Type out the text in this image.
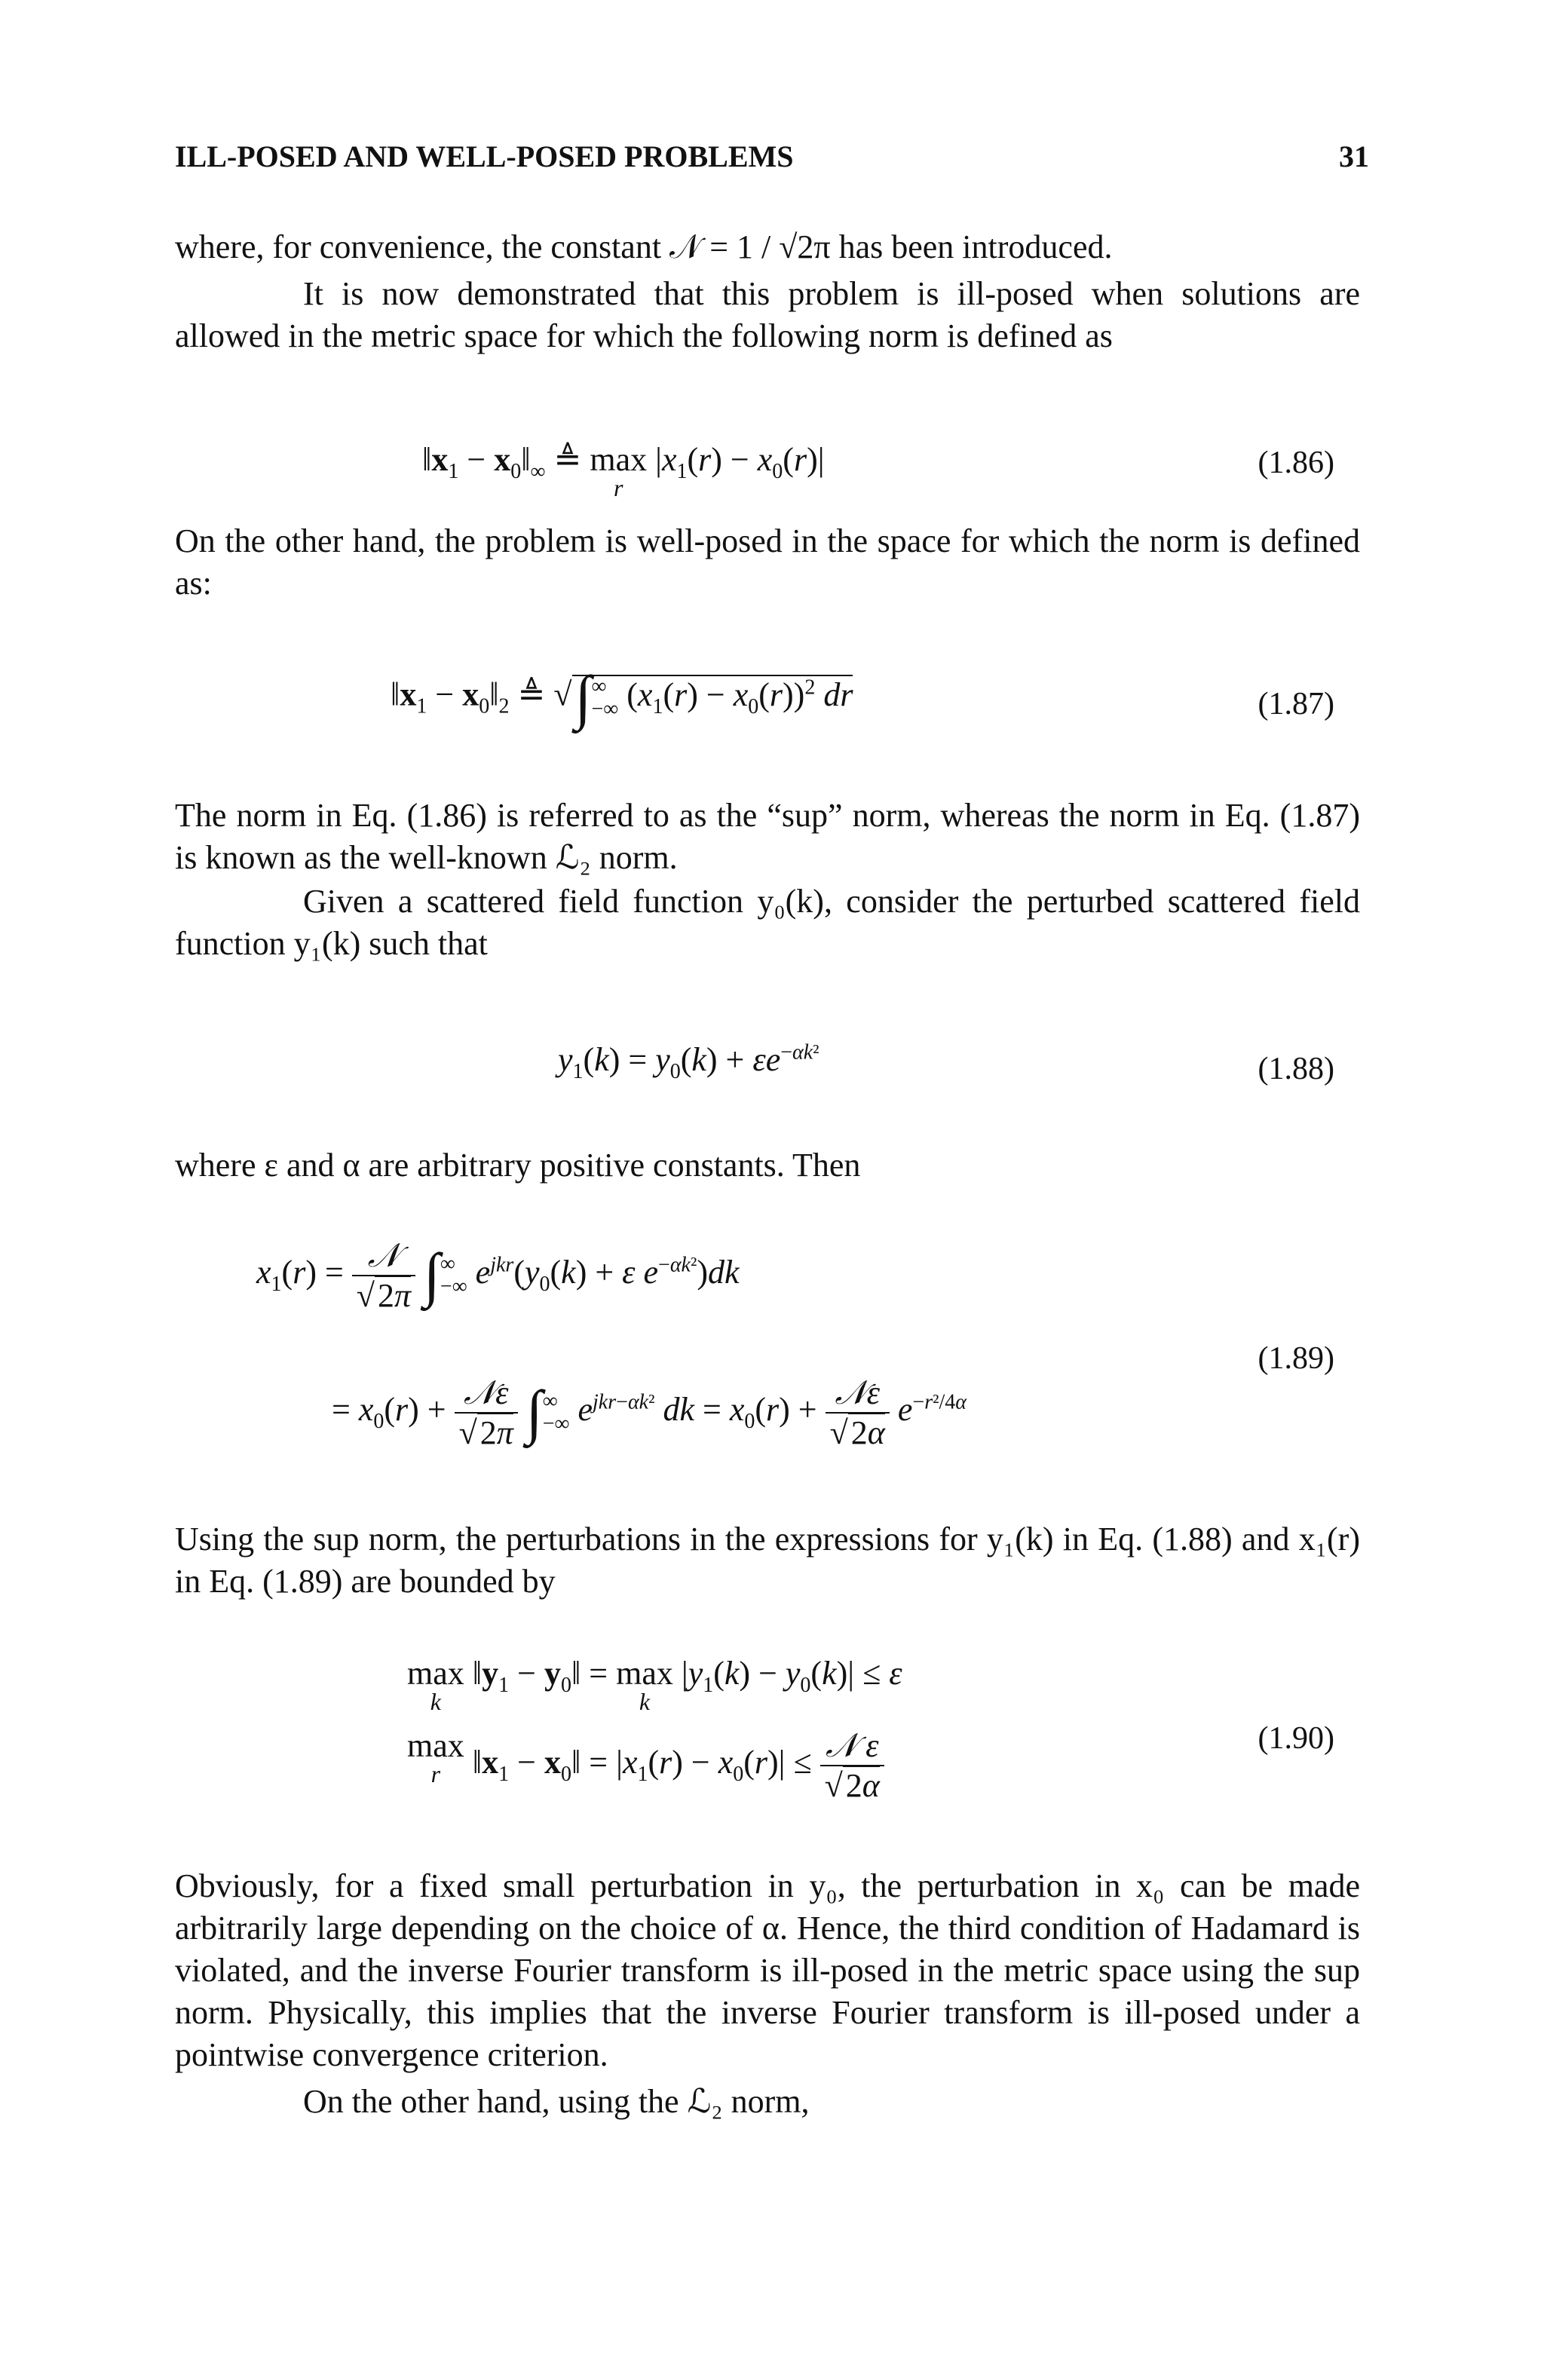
ILL-POSED AND WELL-POSED PROBLEMS	31
where, for convenience, the constant 𝒩 = 1 / √2π has been introduced.
It is now demonstrated that this problem is ill-posed when solutions are allowed in the metric space for which the following norm is defined as
$‖x_1$ − $x_0‖_\infty$ ≜ max
r
$|x_1(r) - x_0(r)|$	(1.86)
On the other hand, the problem is well-posed in the space for which the norm is defined as:
$‖x_1$ − $x_0‖_2$ ≜ √∫∞
−∞ $(x_1(r) - x_0(r))^2$ dr	(1.87)
The norm in Eq. (1.86) is referred to as the “sup” norm, whereas the norm in Eq. (1.87) is known as the well-known ℒ₂ norm.
Given a scattered field function y₀(k), consider the perturbed scattered field function y₁(k) such that
$y_1(k) = y_0(k) + \varepsilon e^{-\alpha k^2}$	(1.88)
where ε and α are arbitrary positive constants. Then
$x_1(r) = \frac{\text{𝒩}}{√2\pi}$ ∫∞
−∞ $e^{jkr}(y_0(k) + \varepsilon$ $e^{-\alpha k^2})dk$
= $x_0(r) + \frac{\text{𝒩ε}}{√2\pi}$ ∫∞
−∞ $e^{jkr-\alpha k^2}$ dk = $x_0(r) + \frac{\text{𝒩ε}}{√2\alpha} e^{-r^2/4\alpha}$
(1.89)
Using the sup norm, the perturbations in the expressions for y₁(k) in Eq. (1.88) and x₁(r) in Eq. (1.89) are bounded by
max
k
$‖y_1$ − $y_0‖ = \max$
k
$|y_1(k) - y_0(k)| \le \varepsilon$
max
r $‖x_1$ − $x_0‖ = |x_1(r) - x_0(r)| \le \frac{\text{𝒩 ε}}{√2\alpha}$	(1.90)
Obviously, for a fixed small perturbation in y₀, the perturbation in x₀ can be made arbitrarily large depending on the choice of α. Hence, the third condition of Hadamard is violated, and the inverse Fourier transform is ill-posed in the metric space using the sup norm. Physically, this implies that the inverse Fourier transform is ill-posed under a pointwise convergence criterion.
On the other hand, using the ℒ₂ norm,
